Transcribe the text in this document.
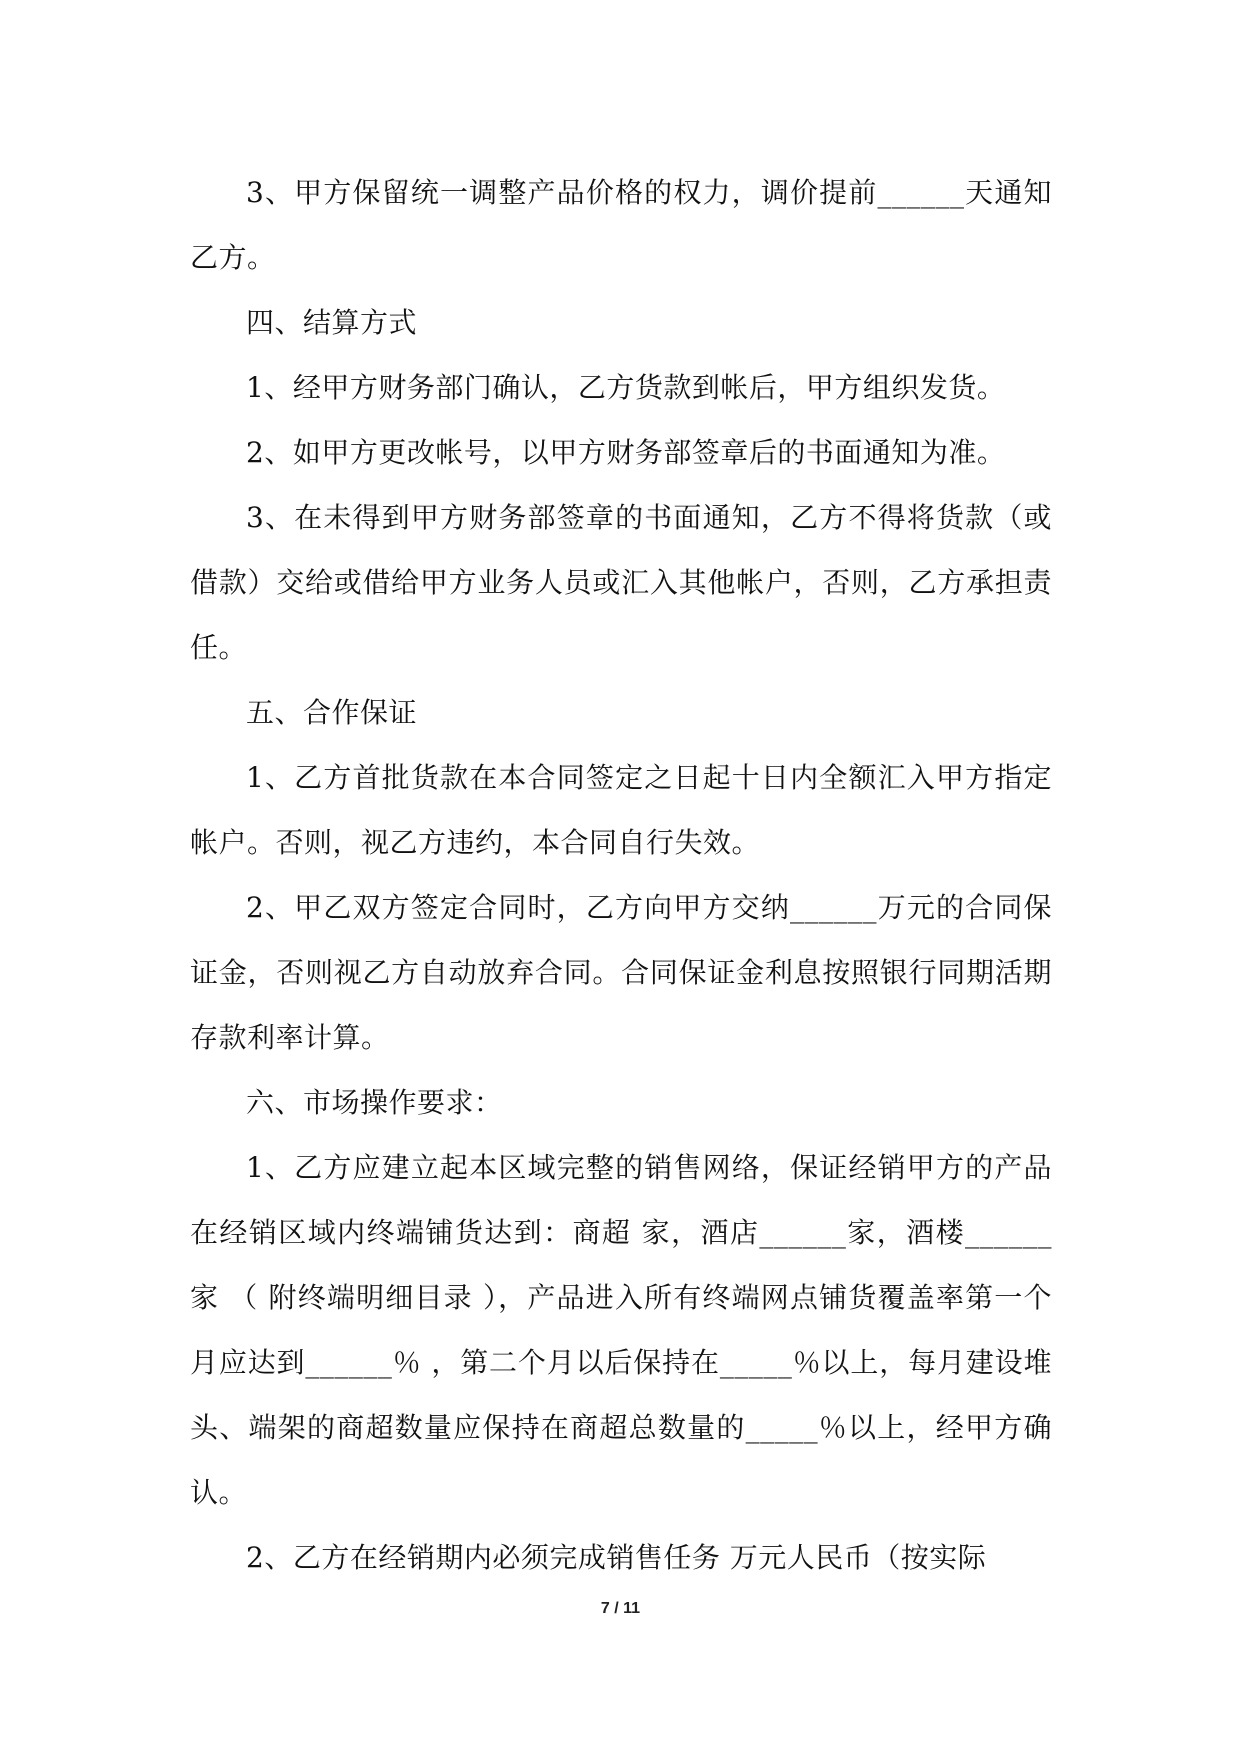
3、甲方保留统一调整产品价格的权力，调价提前______天通知乙方。

四、结算方式

1、经甲方财务部门确认，乙方货款到帐后，甲方组织发货。

2、如甲方更改帐号，以甲方财务部签章后的书面通知为准。

3、在未得到甲方财务部签章的书面通知，乙方不得将货款（或借款）交给或借给甲方业务人员或汇入其他帐户，否则，乙方承担责任。

五、合作保证

1、乙方首批货款在本合同签定之日起十日内全额汇入甲方指定帐户。否则，视乙方违约，本合同自行失效。

2、甲乙双方签定合同时，乙方向甲方交纳______万元的合同保证金，否则视乙方自动放弃合同。合同保证金利息按照银行同期活期存款利率计算。

六、市场操作要求：

1、乙方应建立起本区域完整的销售网络，保证经销甲方的产品在经销区域内终端铺货达到：商超 家，酒店______家，酒楼______家 （ 附终端明细目录 ），产品进入所有终端网点铺货覆盖率第一个月应达到______％ ，第二个月以后保持在_____％以上，每月建设堆头、端架的商超数量应保持在商超总数量的_____％以上，经甲方确认。

2、乙方在经销期内必须完成销售任务 万元人民币（按实际

7 / 11
